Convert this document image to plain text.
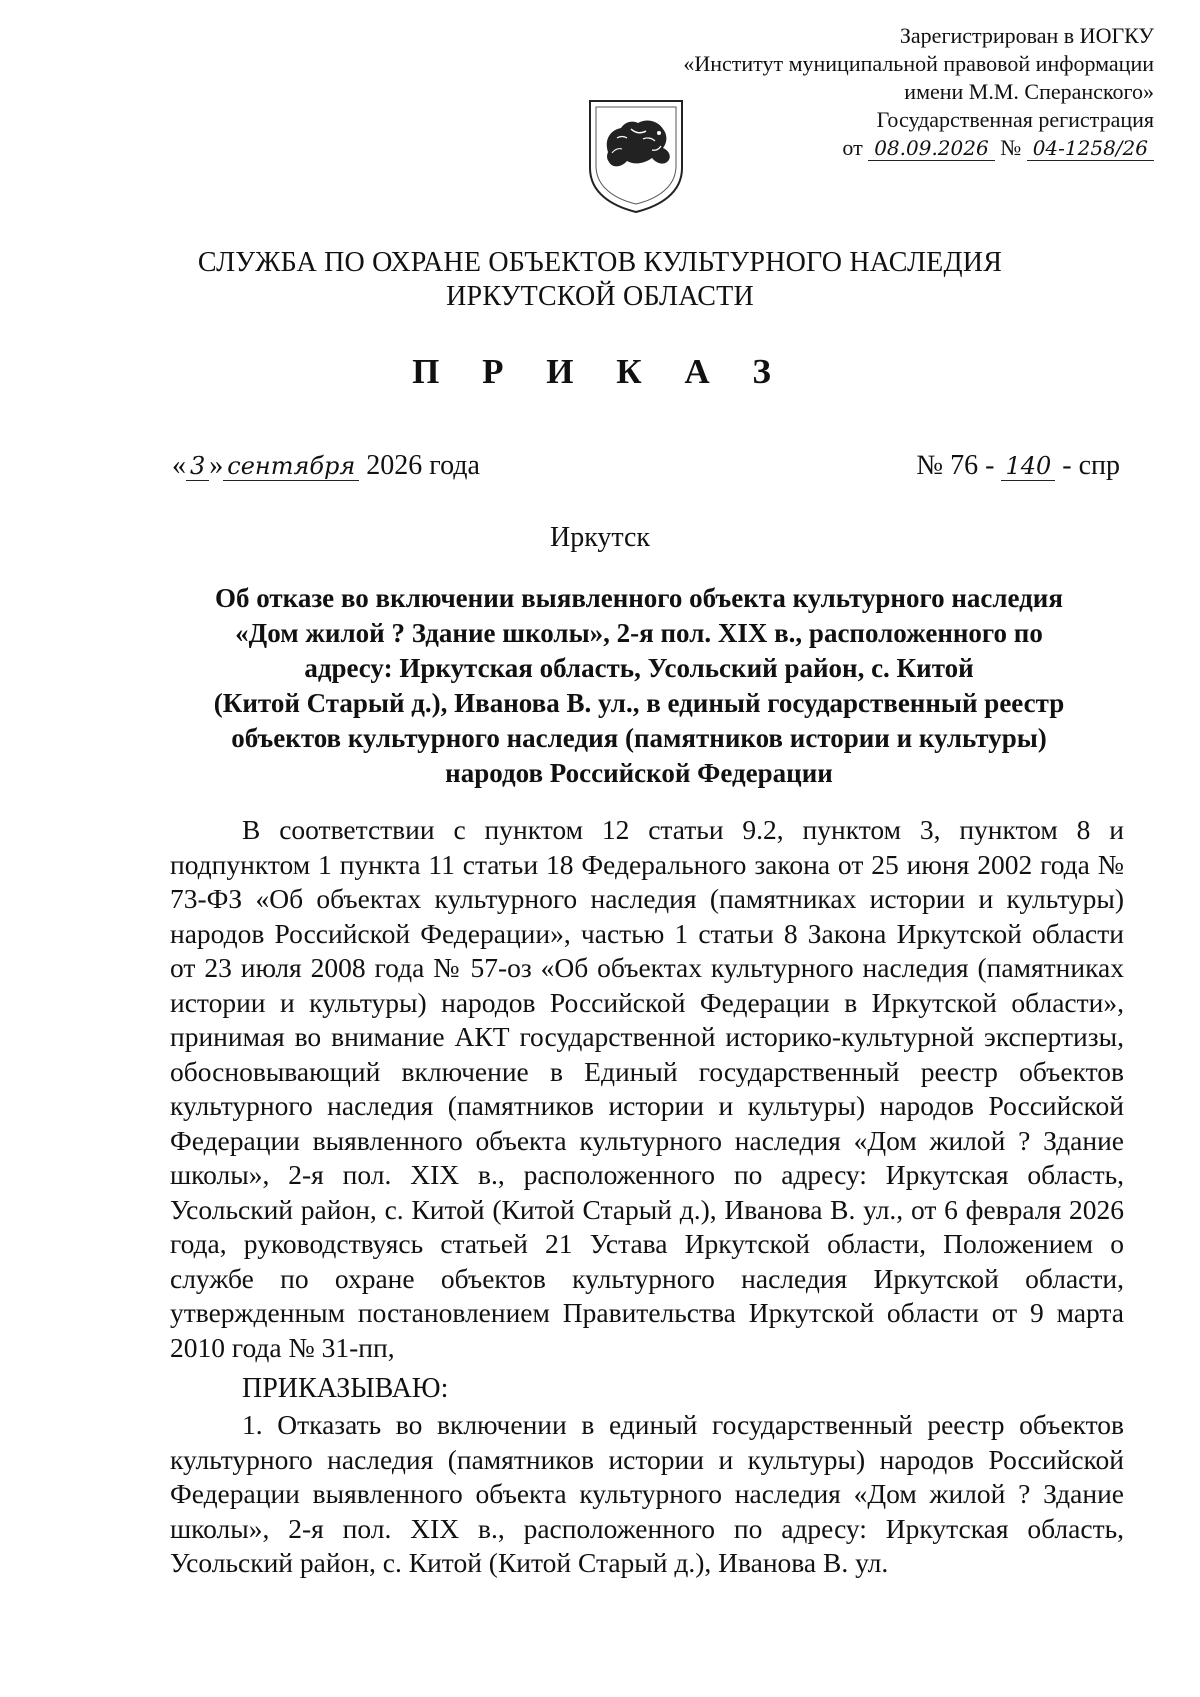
Зарегистрирован в ИОГКУ
«Институт муниципальной правовой информации
имени М.М. Сперанского»
Государственная регистрация
от 08.09.2026 № 04-1258/26
СЛУЖБА ПО ОХРАНЕ ОБЪЕКТОВ КУЛЬТУРНОГО НАСЛЕДИЯ
ИРКУТСКОЙ ОБЛАСТИ
П Р И К А З
« 3 » сентября 2026 года	№ 76 - 140 - спр
Иркутск
Об отказе во включении выявленного объекта культурного наследия
«Дом жилой ? Здание школы», 2-я пол. XIX в., расположенного по
адресу: Иркутская область, Усольский район, с. Китой
(Китой Старый д.), Иванова В. ул., в единый государственный реестр
объектов культурного наследия (памятников истории и культуры)
народов Российской Федерации

В соответствии с пунктом 12 статьи 9.2, пунктом 3, пунктом 8 и подпунктом 1 пункта 11 статьи 18 Федерального закона от 25 июня 2002 года № 73-ФЗ «Об объектах культурного наследия (памятниках истории и культуры) народов Российской Федерации», частью 1 статьи 8 Закона Иркутской области от 23 июля 2008 года № 57-оз «Об объектах культурного наследия (памятниках истории и культуры) народов Российской Федерации в Иркутской области», принимая во внимание АКТ государственной историко-культурной экспертизы, обосновывающий включение в Единый государственный реестр объектов культурного наследия (памятников истории и культуры) народов Российской Федерации выявленного объекта культурного наследия «Дом жилой ? Здание школы», 2-я пол. XIX в., расположенного по адресу: Иркутская область, Усольский район, с. Китой (Китой Старый д.), Иванова В. ул., от 6 февраля 2026 года, руководствуясь статьей 21 Устава Иркутской области, Положением о службе по охране объектов культурного наследия Иркутской области, утвержденным постановлением Правительства Иркутской области от 9 марта 2010 года № 31-пп,

ПРИКАЗЫВАЮ:

1. Отказать во включении в единый государственный реестр объектов культурного наследия (памятников истории и культуры) народов Российской Федерации выявленного объекта культурного наследия «Дом жилой ? Здание школы», 2-я пол. XIX в., расположенного по адресу: Иркутская область, Усольский район, с. Китой (Китой Старый д.), Иванова В. ул.
